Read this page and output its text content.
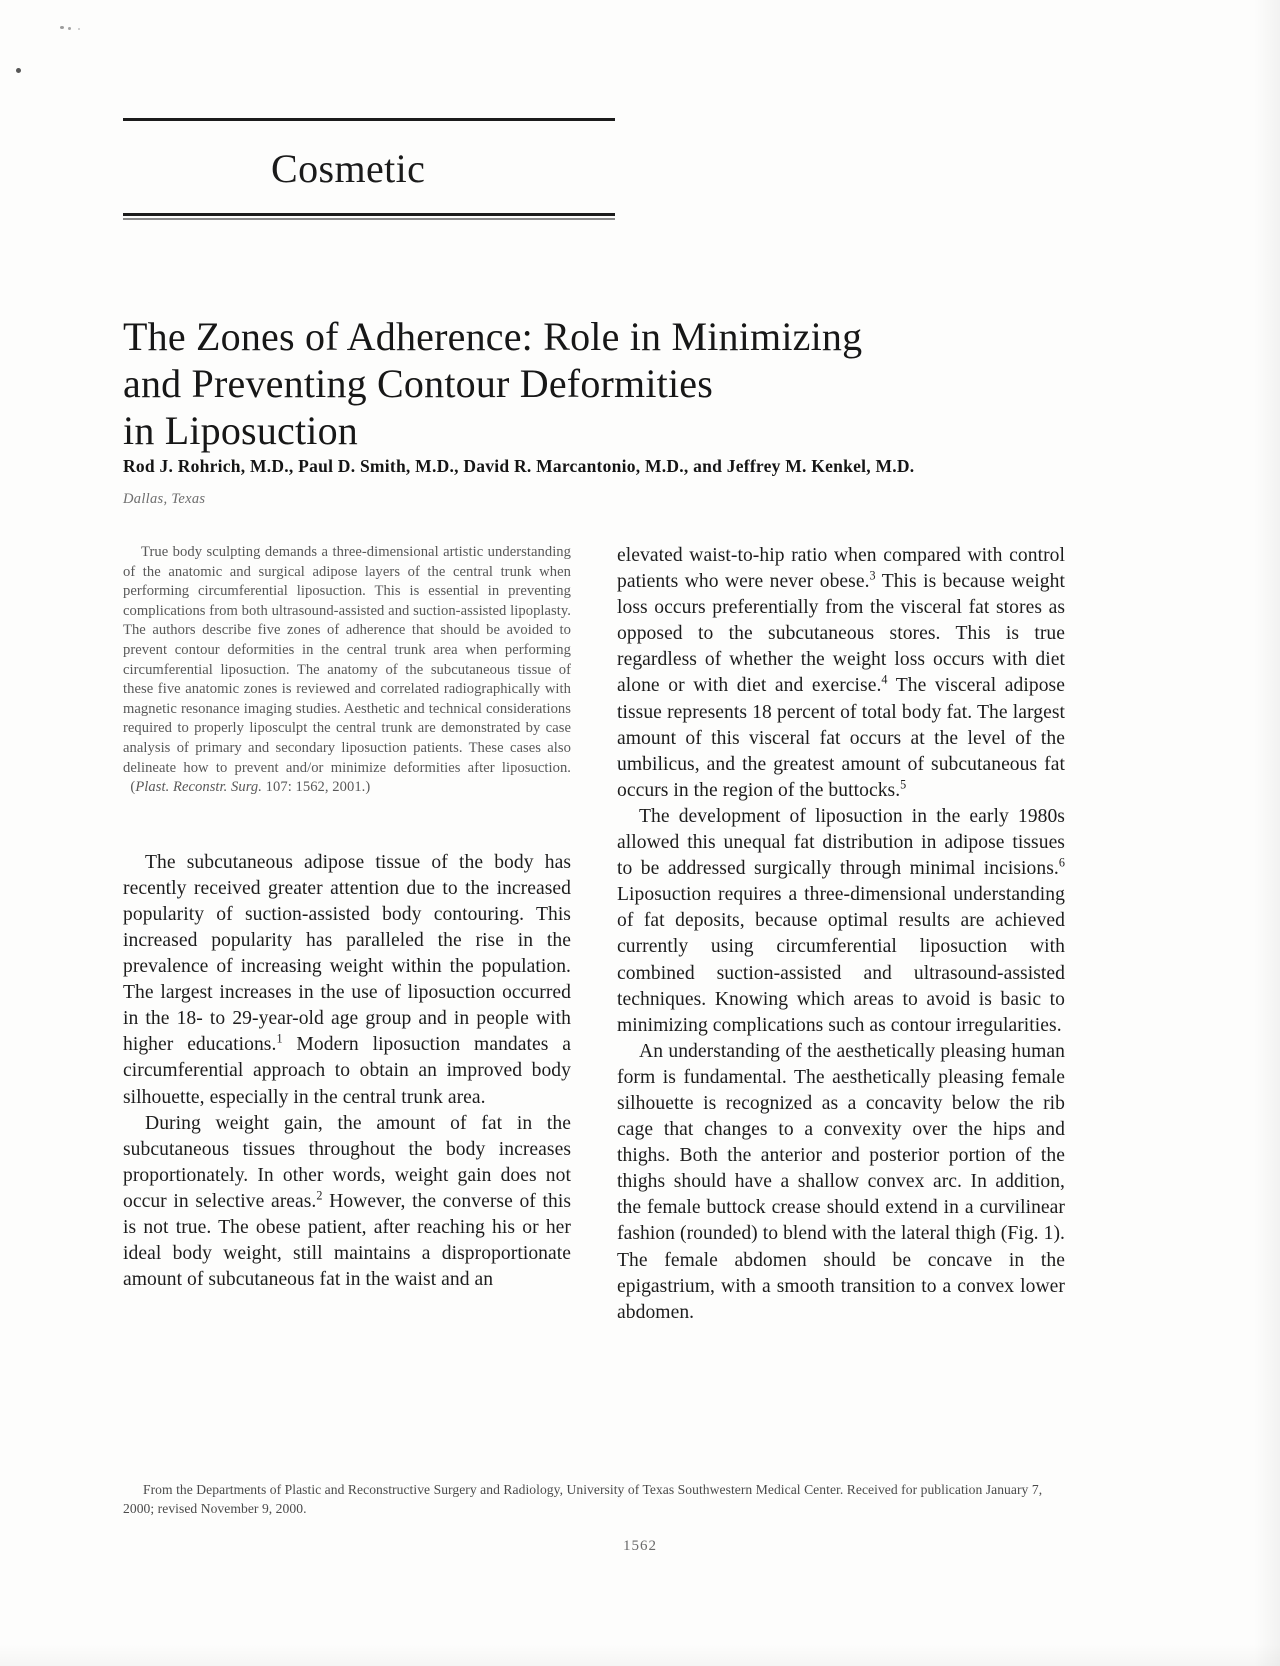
Cosmetic
The Zones of Adherence: Role in Minimizing
and Preventing Contour Deformities
in Liposuction
Rod J. Rohrich, M.D., Paul D. Smith, M.D., David R. Marcantonio, M.D., and Jeffrey M. Kenkel, M.D.
Dallas, Texas
True body sculpting demands a three-dimensional artistic understanding of the anatomic and surgical adipose layers of the central trunk when performing circumferential liposuction. This is essential in preventing complications from both ultrasound-assisted and suction-assisted lipoplasty. The authors describe five zones of adherence that should be avoided to prevent contour deformities in the central trunk area when performing circumferential liposuction. The anatomy of the subcutaneous tissue of these five anatomic zones is reviewed and correlated radiographically with magnetic resonance imaging studies. Aesthetic and technical considerations required to properly liposculpt the central trunk are demonstrated by case analysis of primary and secondary liposuction patients. These cases also delineate how to prevent and/or minimize deformities after liposuction.   (Plast. Reconstr. Surg. 107: 1562, 2001.)

The subcutaneous adipose tissue of the body has recently received greater attention due to the increased popularity of suction-assisted body contouring. This increased popularity has paralleled the rise in the prevalence of increasing weight within the population. The largest increases in the use of liposuction occurred in the 18- to 29-year-old age group and in people with higher educations.$^1$ Modern liposuction mandates a circumferential approach to obtain an improved body silhouette, especially in the central trunk area.

During weight gain, the amount of fat in the subcutaneous tissues throughout the body increases proportionately. In other words, weight gain does not occur in selective areas.$^2$ However, the converse of this is not true. The obese patient, after reaching his or her ideal body weight, still maintains a disproportionate amount of subcutaneous fat in the waist and an

elevated waist-to-hip ratio when compared with control patients who were never obese.$^3$ This is because weight loss occurs preferentially from the visceral fat stores as opposed to the subcutaneous stores. This is true regardless of whether the weight loss occurs with diet alone or with diet and exercise.$^4$ The visceral adipose tissue represents 18 percent of total body fat. The largest amount of this visceral fat occurs at the level of the umbilicus, and the greatest amount of subcutaneous fat occurs in the region of the buttocks.$^5$

The development of liposuction in the early 1980s allowed this unequal fat distribution in adipose tissues to be addressed surgically through minimal incisions.$^6$ Liposuction requires a three-dimensional understanding of fat deposits, because optimal results are achieved currently using circumferential liposuction with combined suction-assisted and ultrasound-assisted techniques. Knowing which areas to avoid is basic to minimizing complications such as contour irregularities.

An understanding of the aesthetically pleasing human form is fundamental. The aesthetically pleasing female silhouette is recognized as a concavity below the rib cage that changes to a convexity over the hips and thighs. Both the anterior and posterior portion of the thighs should have a shallow convex arc. In addition, the female buttock crease should extend in a curvilinear fashion (rounded) to blend with the lateral thigh (Fig. 1). The female abdomen should be concave in the epigastrium, with a smooth transition to a convex lower abdomen.

From the Departments of Plastic and Reconstructive Surgery and Radiology, University of Texas Southwestern Medical Center. Received for publication January 7, 2000; revised November 9, 2000.
1562
